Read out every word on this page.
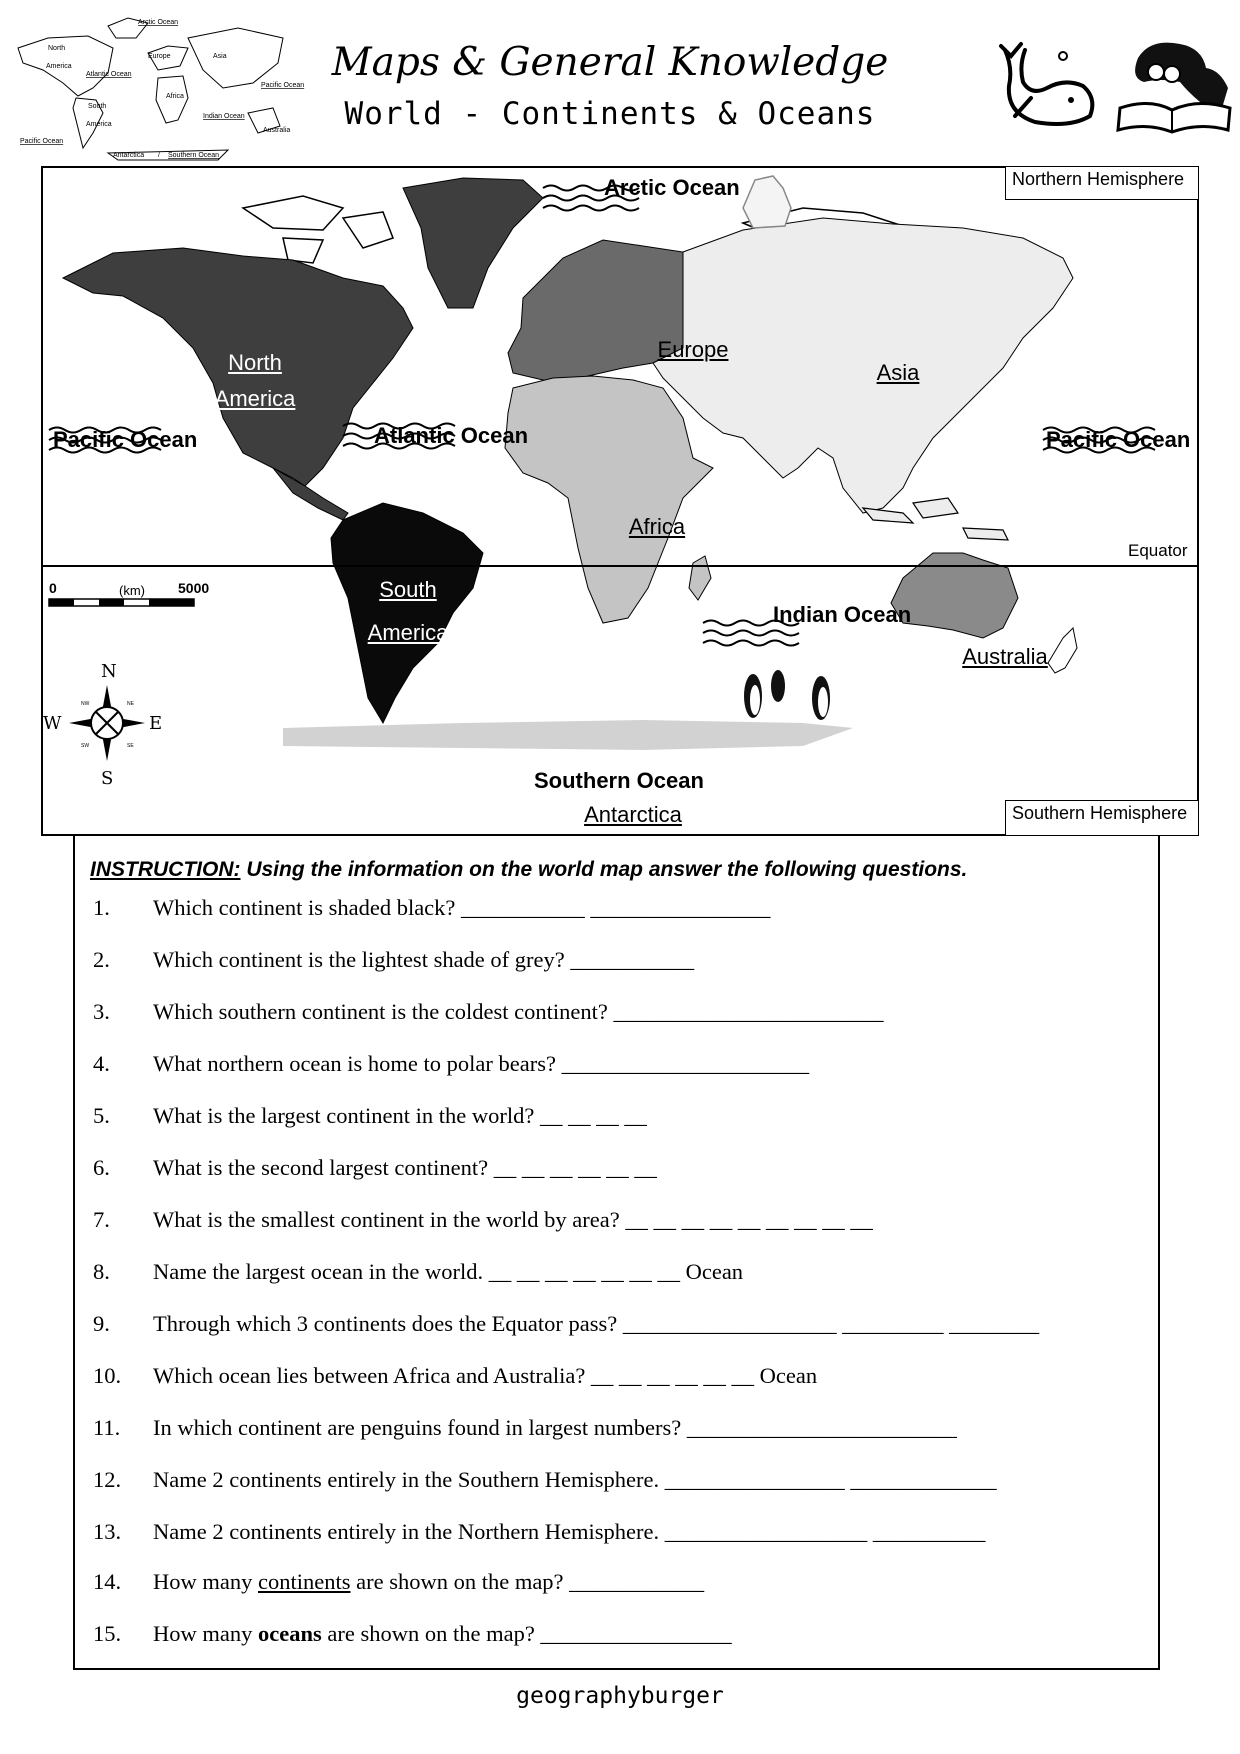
Arctic Ocean
North
America
Europe	Asia
Atlantic Ocean
Pacific Ocean
Africa
South
America
Indian Ocean
Australia
Pacific Ocean
Antarctica / Southern Ocean
Maps & General Knowledge
World - Continents & Oceans
0	(km) 5000
N
S
E
W
NW	NE
SW	SE
Northern Hemisphere
Southern Hemisphere
Equator
North
America
South
America
Europe
Asia
Africa
Australia
Antarctica
Arctic Ocean
Pacific Ocean	Atlantic Ocean	Pacific Ocean
Indian Ocean
Southern Ocean
INSTRUCTION: Using the information on the world map answer the following questions.
1. Which continent is shaded black? ___________ ________________
2. Which continent is the lightest shade of grey? ___________
3. Which southern continent is the coldest continent? ________________________
4. What northern ocean is home to polar bears? ______________________
5. What is the largest continent in the world? __ __ __ __
6. What is the second largest continent? __ __ __ __ __ __
7. What is the smallest continent in the world by area? __ __ __ __ __ __ __ __ __
8. Name the largest ocean in the world. __ __ __ __ __ __ __ Ocean
9. Through which 3 continents does the Equator pass? ___________________ _________ ________
10. Which ocean lies between Africa and Australia? __ __ __ __ __ __ Ocean
11. In which continent are penguins found in largest numbers? ________________________
12. Name 2 continents entirely in the Southern Hemisphere. ________________ _____________
13. Name 2 continents entirely in the Northern Hemisphere. __________________ __________
14. How many continents are shown on the map? ____________
15. How many oceans are shown on the map? _________________
geographyburger
